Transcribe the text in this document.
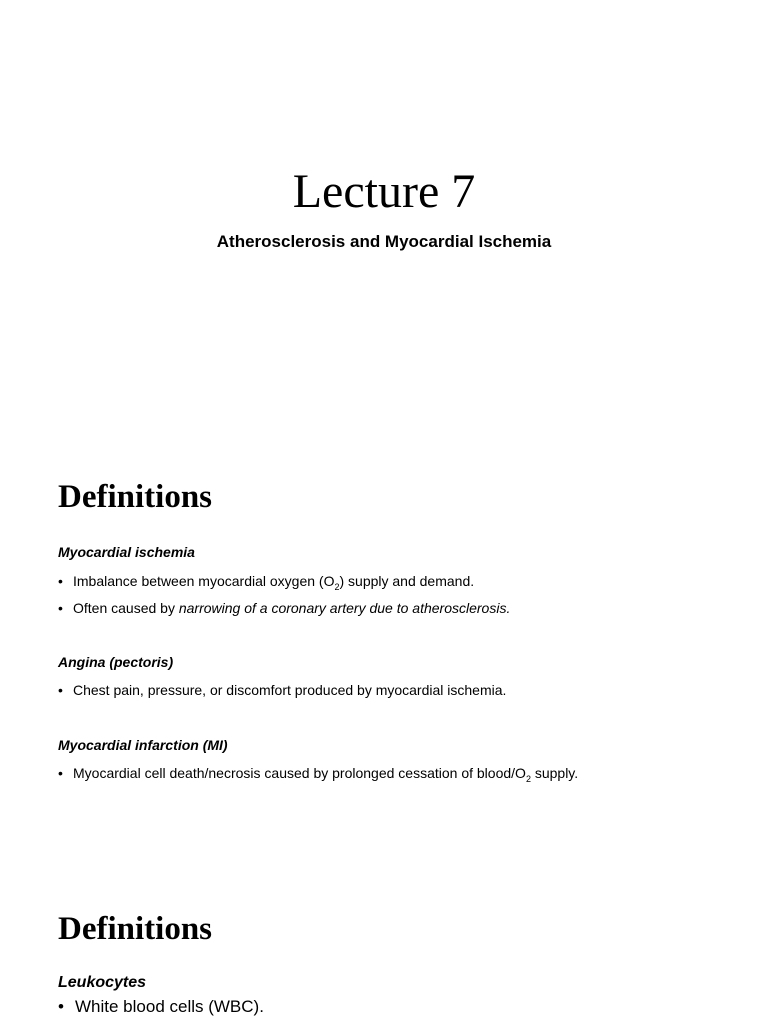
Lecture 7

Atherosclerosis and Myocardial Ischemia

Definitions

Myocardial ischemia

• Imbalance between myocardial oxygen $(O_2)$ supply and demand.
• Often caused by narrowing of a coronary artery due to atherosclerosis.

Angina (pectoris)

• Chest pain, pressure, or discomfort produced by myocardial ischemia.

Myocardial infarction (MI)

• Myocardial cell death/necrosis caused by prolonged cessation of blood/$O_2$ supply.
Definitions

Leukocytes

• White blood cells (WBC).
